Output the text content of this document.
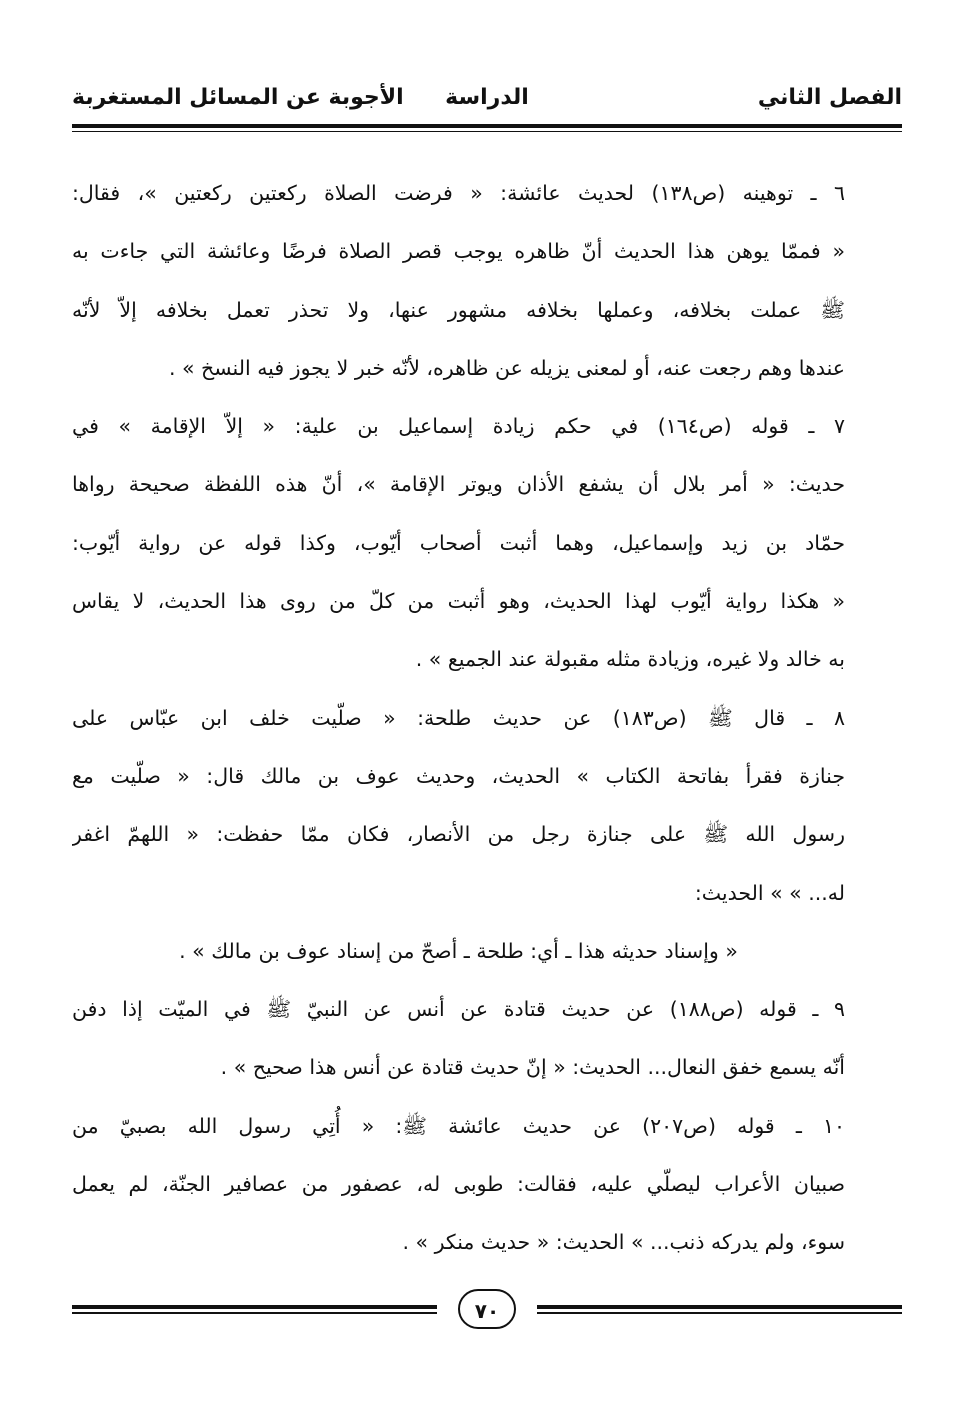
الفصل الثاني
الدراسة
الأجوبة عن المسائل المستغربة
٦ ـ توهينه (ص١٣٨) لحديث عائشة: « فرضت الصلاة ركعتين ركعتين »، فقال:
« فممّا يوهن هذا الحديث أنّ ظاهره يوجب قصر الصلاة فرضًا وعائشة التي جاءت به
ﷺ عملت بخلافه، وعملها بخلافه مشهور عنها، ولا تحذر تعمل بخلافه إلاّ لأنّه
عندها وهم رجعت عنه، أو لمعنى يزيله عن ظاهره، لأنّه خبر لا يجوز فيه النسخ » .
٧ ـ قوله (ص١٦٤) في حكم زيادة إسماعيل بن علية: « إلاّ الإقامة » في
حديث: « أمر بلال أن يشفع الأذان ويوتر الإقامة »، أنّ هذه اللفظة صحيحة رواها
حمّاد بن زيد وإسماعيل، وهما أثبت أصحاب أيّوب، وكذا قوله عن رواية أيّوب:
« هكذا رواية أيّوب لهذا الحديث، وهو أثبت من كلّ من روى هذا الحديث، لا يقاس
به خالد ولا غيره، وزيادة مثله مقبولة عند الجميع » .
٨ ـ قال ﷺ (ص١٨٣) عن حديث طلحة: « صلّيت خلف ابن عبّاس على
جنازة فقرأ بفاتحة الكتاب » الحديث، وحديث عوف بن مالك قال: « صلّيت مع
رسول الله ﷺ على جنازة رجل من الأنصار، فكان ممّا حفظت: « اللهمّ اغفر
له... » » الحديث:
« وإسناد حديثه هذا ـ أي: طلحة ـ أصحّ من إسناد عوف بن مالك » .
٩ ـ قوله (ص١٨٨) عن حديث قتادة عن أنس عن النبيّ ﷺ في الميّت إذا دفن
أنّه يسمع خفق النعال... الحديث: « إنّ حديث قتادة عن أنس هذا صحيح » .
١٠ ـ قوله (ص٢٠٧) عن حديث عائشة ﷺ: « أُتِي رسول الله بصبيّ من
صبيان الأعراب ليصلّي عليه، فقالت: طوبى له، عصفور من عصافير الجنّة، لم يعمل
سوء، ولم يدركه ذنب... » الحديث: « حديث منكر » .
٧٠
